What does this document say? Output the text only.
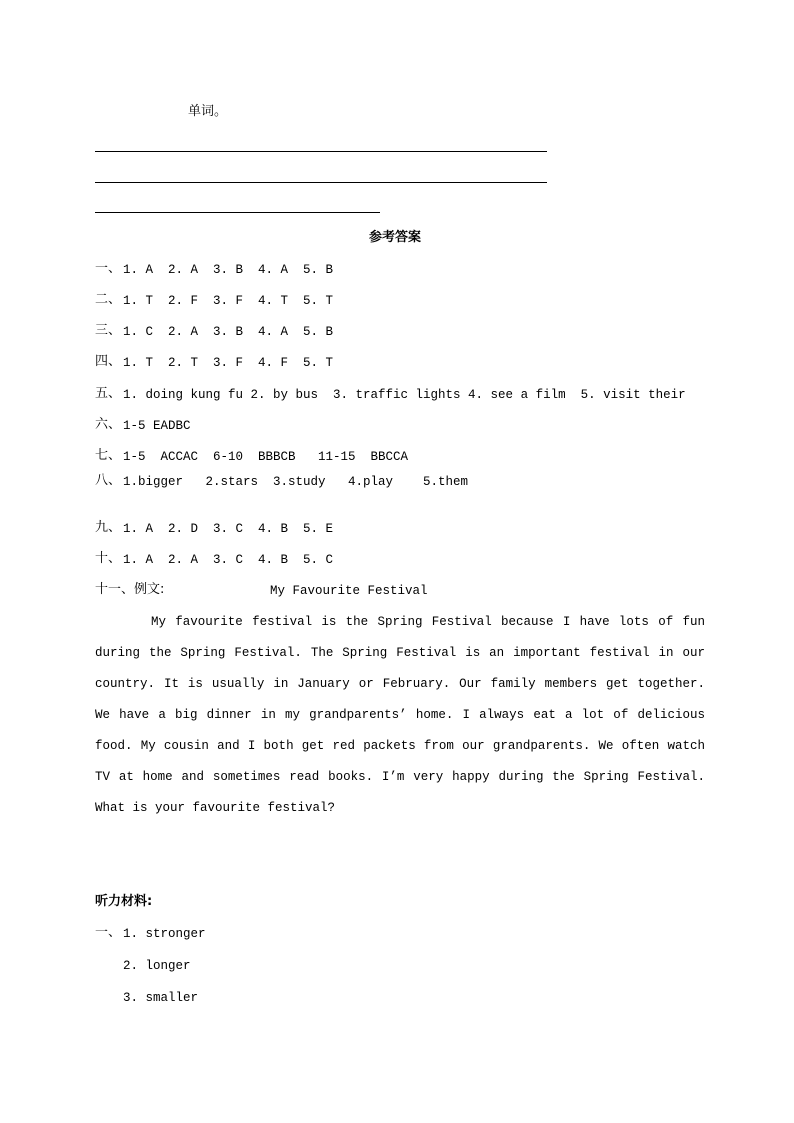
单词。
参考答案
一、 1. A  2. A  3. B  4. A  5. B
二、 1. T  2. F  3. F  4. T  5. T
三、 1. C  2. A  3. B  4. A  5. B
四、 1. T  2. T  3. F  4. F  5. T
五、 1. doing kung fu 2. by bus  3. traffic lights 4. see a film  5. visit their
六、 1-5 EADBC
七、 1-5  ACCAC  6-10  BBBCB   11-15  BBCCA
八、 1.bigger   2.stars  3.study   4.play    5.them
九、 1. A  2. D  3. C  4. B  5. E
十、 1. A  2. A  3. C  4. B  5. C
十一、例文:	My Favourite Festival
My favourite festival is the Spring Festival because I have lots of fun during the Spring Festival. The Spring Festival is an important festival in our country. It is usually in January or February. Our family members get together. We have a big dinner in my grandparents’ home. I always eat a lot of delicious food. My cousin and I both get red packets from our grandparents. We often watch TV at home and sometimes read books. I’m very happy during the Spring Festival. What is your favourite festival?
听力材料:
一、 1. stronger
2. longer
3. smaller
